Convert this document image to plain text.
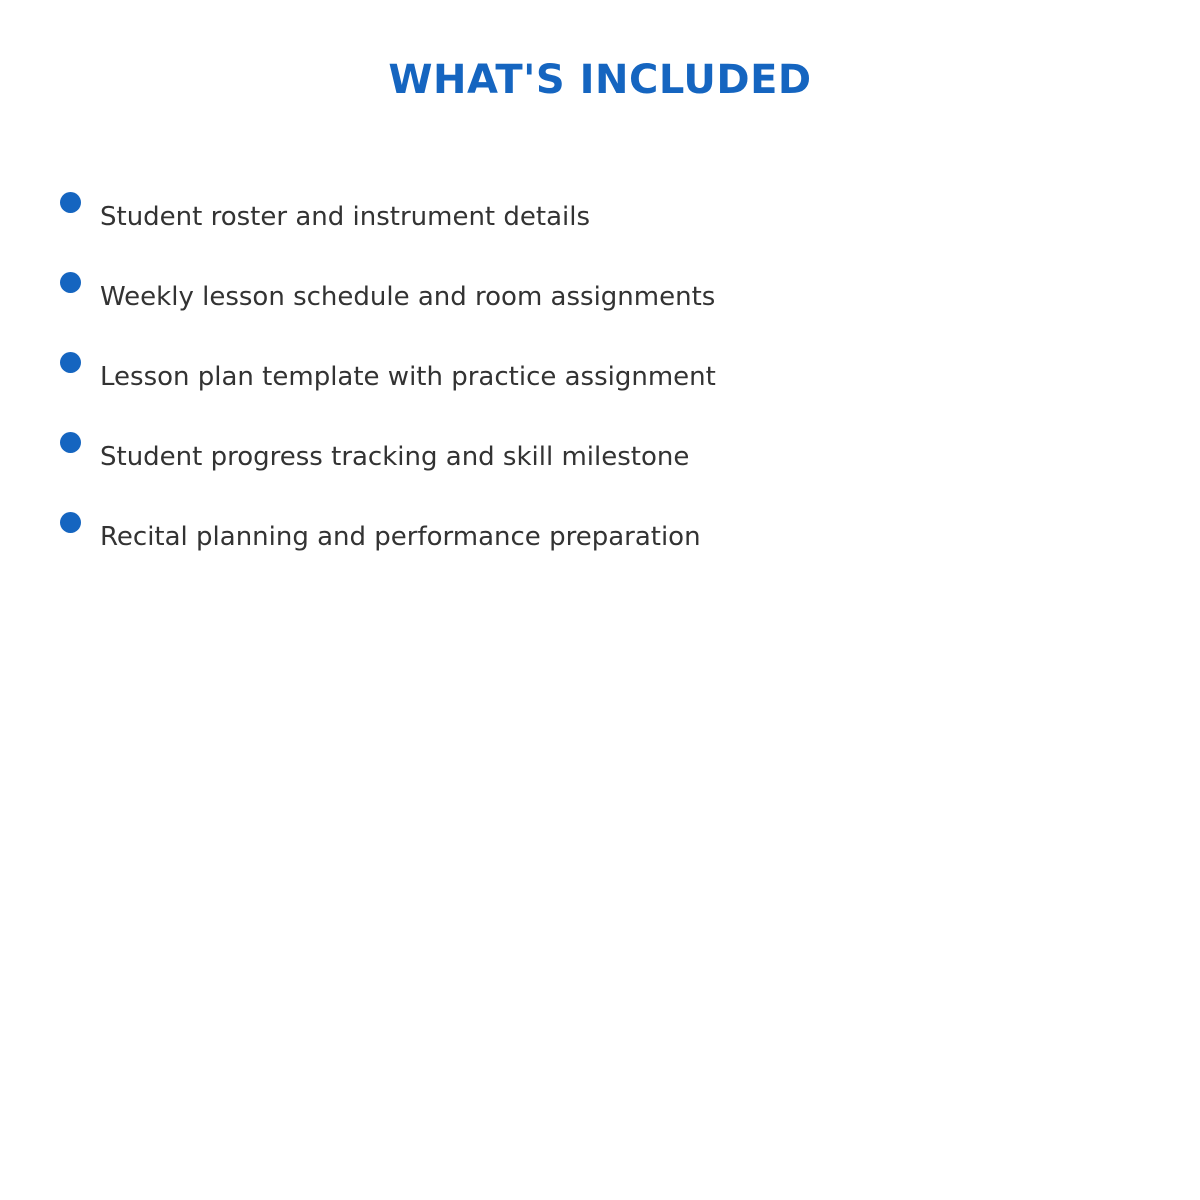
WHAT'S INCLUDED
Student roster and instrument details
Weekly lesson schedule and room assignments
Lesson plan template with practice assignment
Student progress tracking and skill milestone
Recital planning and performance preparation
